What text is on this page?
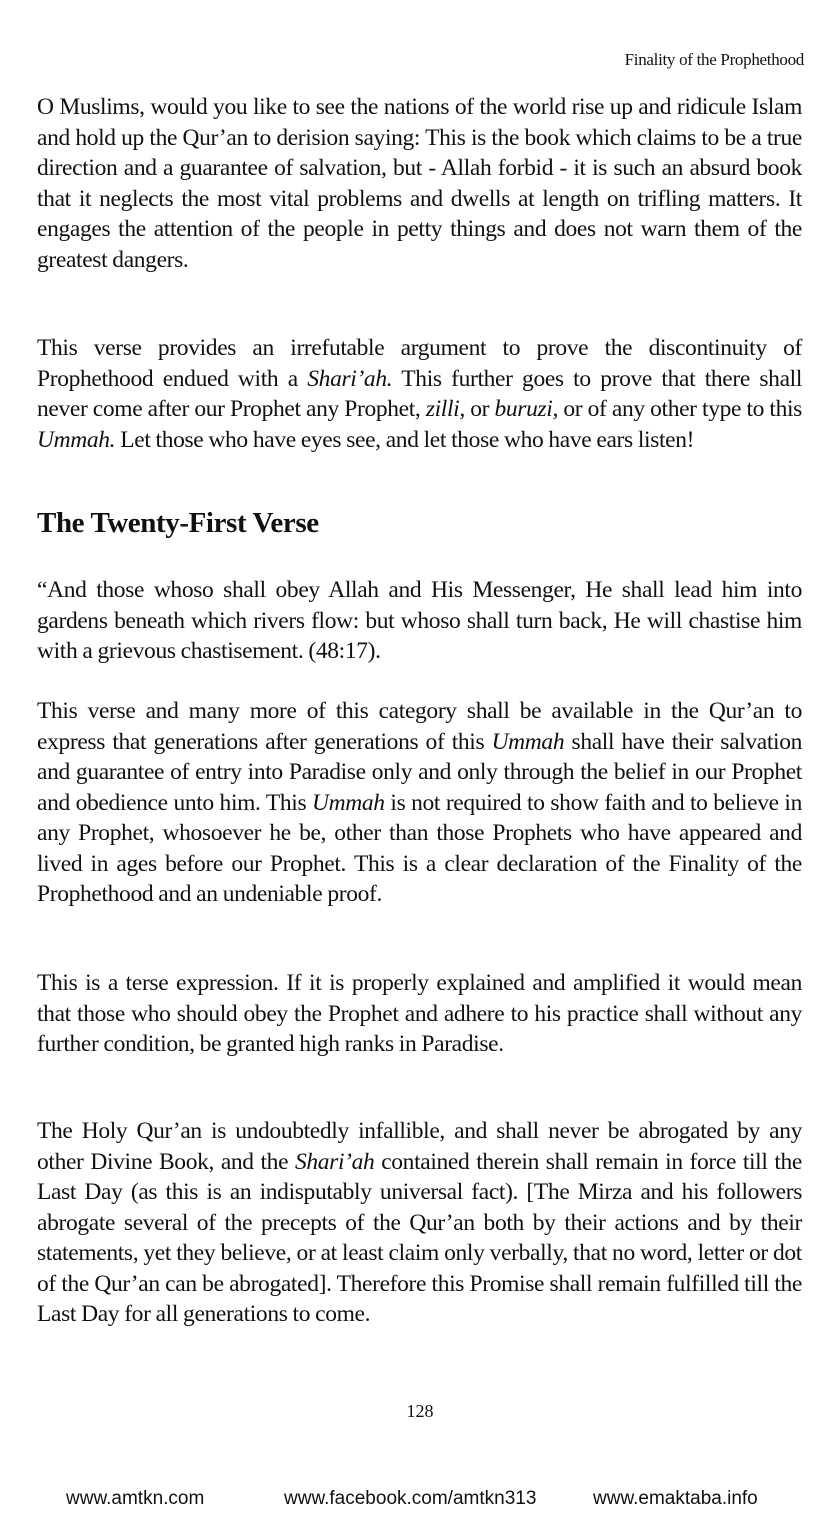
Finality of the Prophethood

O Muslims, would you like to see the nations of the world rise up and ridicule Islam and hold up the Qur’an to derision saying: This is the book which claims to be a true direction and a guarantee of salvation, but - Allah forbid - it is such an absurd book that it neglects the most vital problems and dwells at length on trifling matters. It engages the attention of the people in petty things and does not warn them of the greatest dangers.

This verse provides an irrefutable argument to prove the discontinuity of Prophethood endued with a Shari’ah. This further goes to prove that there shall never come after our Prophet any Prophet, zilli, or buruzi, or of any other type to this Ummah. Let those who have eyes see, and let those who have ears listen!

The Twenty-First Verse

“And those whoso shall obey Allah and His Messenger, He shall lead him into gardens beneath which rivers flow: but whoso shall turn back, He will chastise him with a grievous chastisement. (48:17).

This verse and many more of this category shall be available in the Qur’an to express that generations after generations of this Ummah shall have their salvation and guarantee of entry into Paradise only and only through the belief in our Prophet and obedience unto him. This Ummah is not required to show faith and to believe in any Prophet, whosoever he be, other than those Prophets who have appeared and lived in ages before our Prophet. This is a clear declaration of the Finality of the Prophethood and an undeniable proof.

This is a terse expression. If it is properly explained and amplified it would mean that those who should obey the Prophet and adhere to his practice shall without any further condition, be granted high ranks in Paradise.

The Holy Qur’an is undoubtedly infallible, and shall never be abrogated by any other Divine Book, and the Shari’ah contained therein shall remain in force till the Last Day (as this is an indisputably universal fact). [The Mirza and his followers abrogate several of the precepts of the Qur’an both by their actions and by their statements, yet they believe, or at least claim only verbally, that no word, letter or dot of the Qur’an can be abrogated]. Therefore this Promise shall remain fulfilled till the Last Day for all generations to come.

128
www.amtkn.com	www.facebook.com/amtkn313	www.emaktaba.info
